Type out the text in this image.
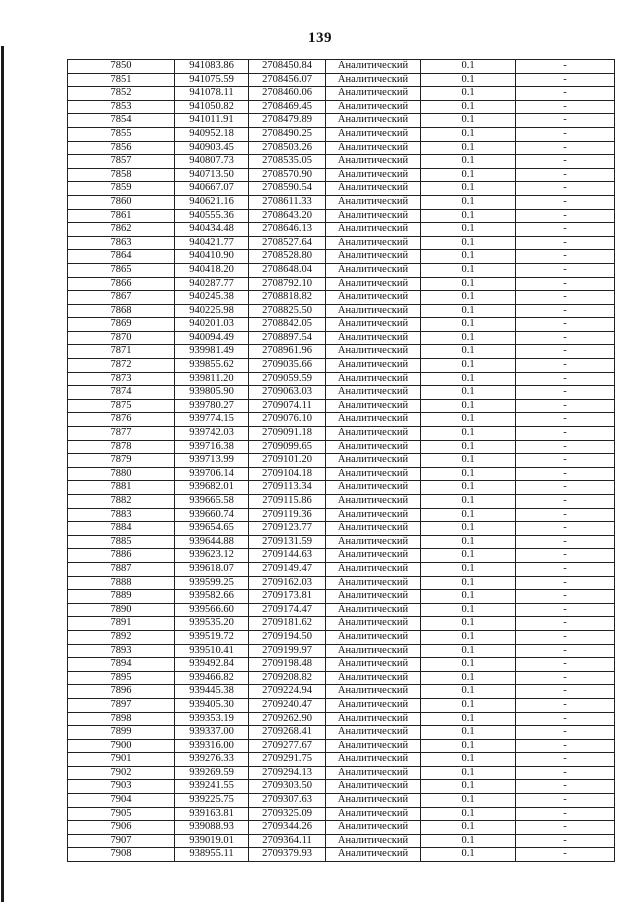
139
7850	941083.86	2708450.84	Аналитический	0.1	-
7851	941075.59	2708456.07	Аналитический	0.1	-
7852	941078.11	2708460.06	Аналитический	0.1	-
7853	941050.82	2708469.45	Аналитический	0.1	-
7854	941011.91	2708479.89	Аналитический	0.1	-
7855	940952.18	2708490.25	Аналитический	0.1	-
7856	940903.45	2708503.26	Аналитический	0.1	-
7857	940807.73	2708535.05	Аналитический	0.1	-
7858	940713.50	2708570.90	Аналитический	0.1	-
7859	940667.07	2708590.54	Аналитический	0.1	-
7860	940621.16	2708611.33	Аналитический	0.1	-
7861	940555.36	2708643.20	Аналитический	0.1	-
7862	940434.48	2708646.13	Аналитический	0.1	-
7863	940421.77	2708527.64	Аналитический	0.1	-
7864	940410.90	2708528.80	Аналитический	0.1	-
7865	940418.20	2708648.04	Аналитический	0.1	-
7866	940287.77	2708792.10	Аналитический	0.1	-
7867	940245.38	2708818.82	Аналитический	0.1	-
7868	940225.98	2708825.50	Аналитический	0.1	-
7869	940201.03	2708842.05	Аналитический	0.1	-
7870	940094.49	2708897.54	Аналитический	0.1	-
7871	939981.49	2708961.96	Аналитический	0.1	-
7872	939855.62	2709035.66	Аналитический	0.1	-
7873	939811.20	2709059.59	Аналитический	0.1	-
7874	939805.90	2709063.03	Аналитический	0.1	-
7875	939780.27	2709074.11	Аналитический	0.1	-
7876	939774.15	2709076.10	Аналитический	0.1	-
7877	939742.03	2709091.18	Аналитический	0.1	-
7878	939716.38	2709099.65	Аналитический	0.1	-
7879	939713.99	2709101.20	Аналитический	0.1	-
7880	939706.14	2709104.18	Аналитический	0.1	-
7881	939682.01	2709113.34	Аналитический	0.1	-
7882	939665.58	2709115.86	Аналитический	0.1	-
7883	939660.74	2709119.36	Аналитический	0.1	-
7884	939654.65	2709123.77	Аналитический	0.1	-
7885	939644.88	2709131.59	Аналитический	0.1	-
7886	939623.12	2709144.63	Аналитический	0.1	-
7887	939618.07	2709149.47	Аналитический	0.1	-
7888	939599.25	2709162.03	Аналитический	0.1	-
7889	939582.66	2709173.81	Аналитический	0.1	-
7890	939566.60	2709174.47	Аналитический	0.1	-
7891	939535.20	2709181.62	Аналитический	0.1	-
7892	939519.72	2709194.50	Аналитический	0.1	-
7893	939510.41	2709199.97	Аналитический	0.1	-
7894	939492.84	2709198.48	Аналитический	0.1	-
7895	939466.82	2709208.82	Аналитический	0.1	-
7896	939445.38	2709224.94	Аналитический	0.1	-
7897	939405.30	2709240.47	Аналитический	0.1	-
7898	939353.19	2709262.90	Аналитический	0.1	-
7899	939337.00	2709268.41	Аналитический	0.1	-
7900	939316.00	2709277.67	Аналитический	0.1	-
7901	939276.33	2709291.75	Аналитический	0.1	-
7902	939269.59	2709294.13	Аналитический	0.1	-
7903	939241.55	2709303.50	Аналитический	0.1	-
7904	939225.75	2709307.63	Аналитический	0.1	-
7905	939163.81	2709325.09	Аналитический	0.1	-
7906	939088.93	2709344.26	Аналитический	0.1	-
7907	939019.01	2709364.11	Аналитический	0.1	-
7908	938955.11	2709379.93	Аналитический	0.1	-
